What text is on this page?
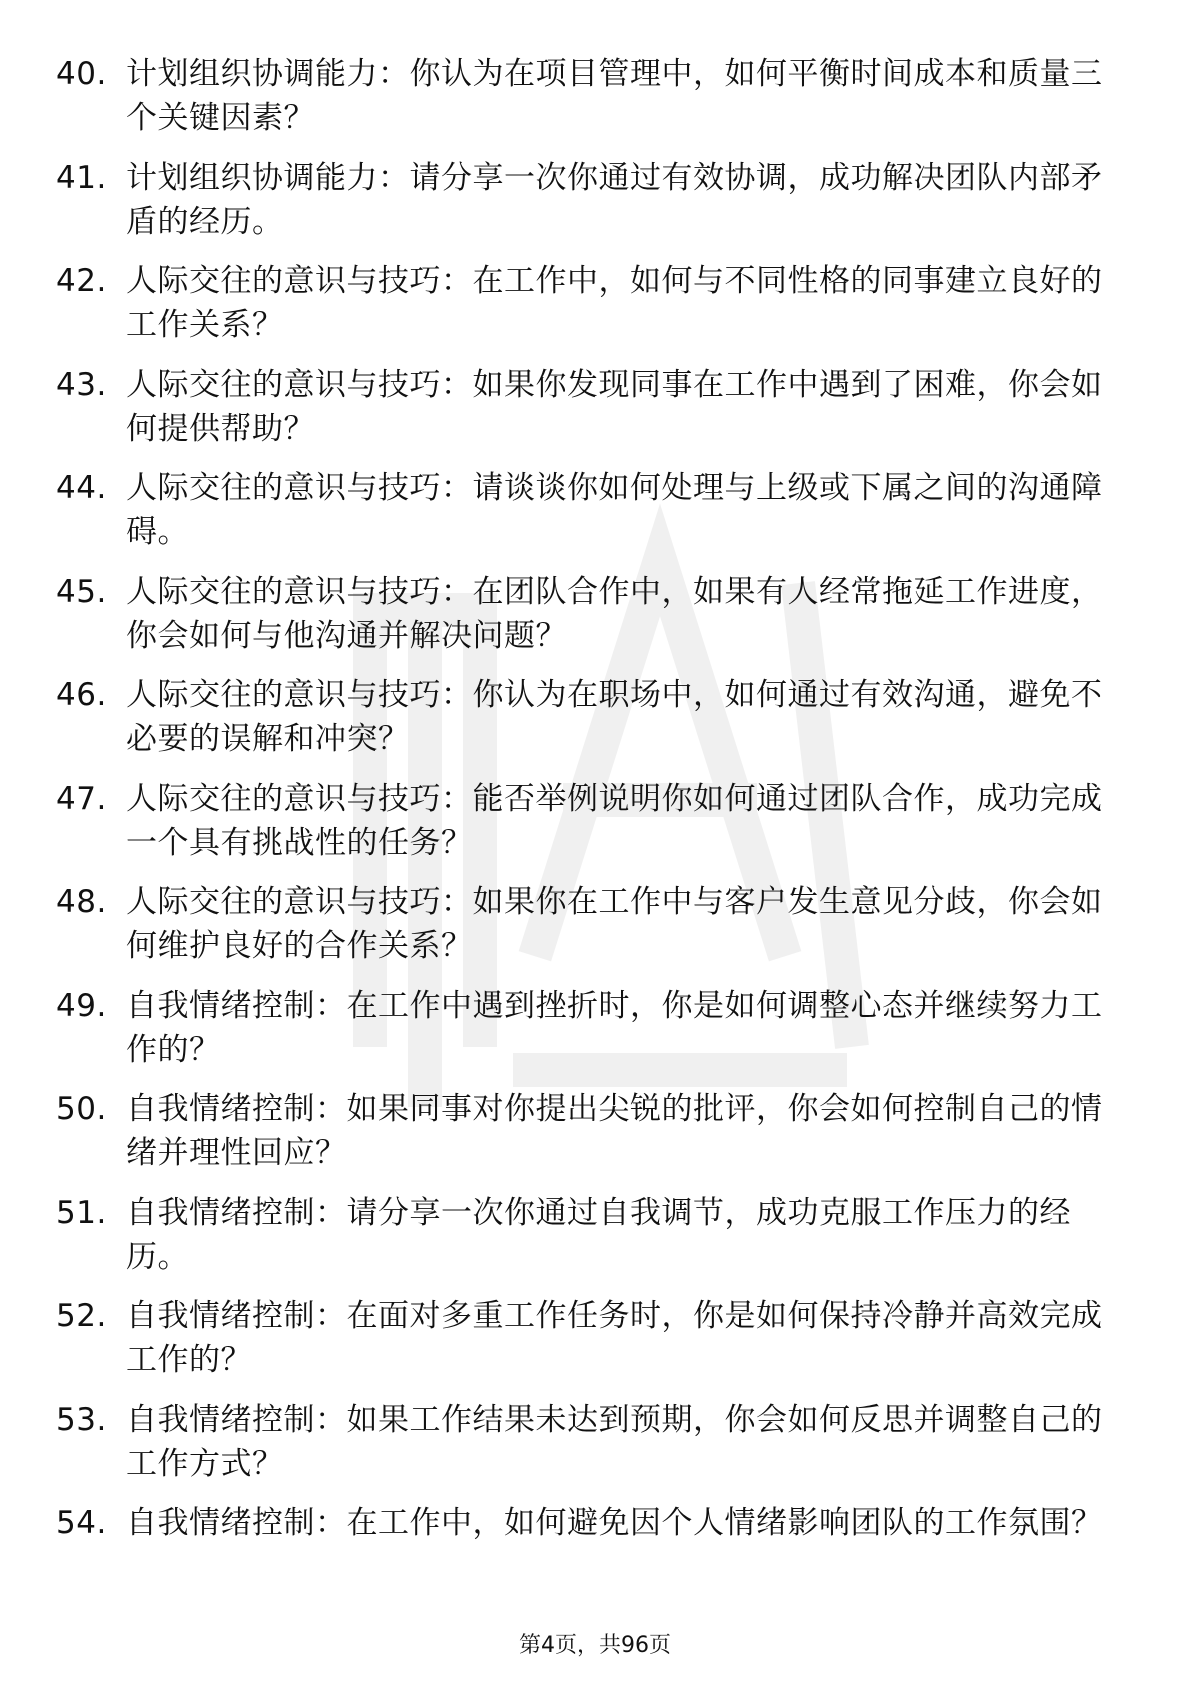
40. 计划组织协调能力：你认为在项目管理中，如何平衡时间成本和质量三个关键因素？
41. 计划组织协调能力：请分享一次你通过有效协调，成功解决团队内部矛盾的经历。
42. 人际交往的意识与技巧：在工作中，如何与不同性格的同事建立良好的工作关系？
43. 人际交往的意识与技巧：如果你发现同事在工作中遇到了困难，你会如何提供帮助？
44. 人际交往的意识与技巧：请谈谈你如何处理与上级或下属之间的沟通障碍。
45. 人际交往的意识与技巧：在团队合作中，如果有人经常拖延工作进度，你会如何与他沟通并解决问题？
46. 人际交往的意识与技巧：你认为在职场中，如何通过有效沟通，避免不必要的误解和冲突？
47. 人际交往的意识与技巧：能否举例说明你如何通过团队合作，成功完成一个具有挑战性的任务？
48. 人际交往的意识与技巧：如果你在工作中与客户发生意见分歧，你会如何维护良好的合作关系？
49. 自我情绪控制：在工作中遇到挫折时，你是如何调整心态并继续努力工作的？
50. 自我情绪控制：如果同事对你提出尖锐的批评，你会如何控制自己的情绪并理性回应？
51. 自我情绪控制：请分享一次你通过自我调节，成功克服工作压力的经历。
52. 自我情绪控制：在面对多重工作任务时，你是如何保持冷静并高效完成工作的？
53. 自我情绪控制：如果工作结果未达到预期，你会如何反思并调整自己的工作方式？
54. 自我情绪控制：在工作中，如何避免因个人情绪影响团队的工作氛围？
第4页，共96页
